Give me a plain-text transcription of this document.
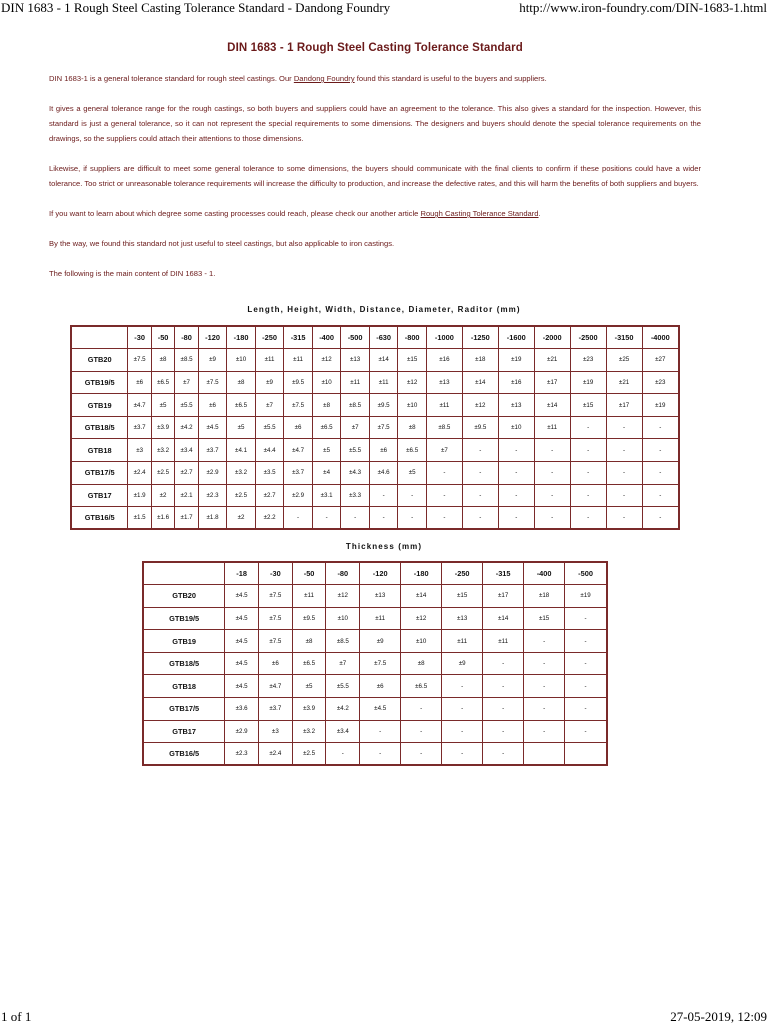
DIN 1683 - 1 Rough Steel Casting Tolerance Standard - Dandong Foundry	http://www.iron-foundry.com/DIN-1683-1.html
DIN 1683 - 1 Rough Steel Casting Tolerance Standard

DIN 1683-1 is a general tolerance standard for rough steel castings. Our Dandong Foundry found this standard is useful to the buyers and suppliers.

It gives a general tolerance range for the rough castings, so both buyers and suppliers could have an agreement to the tolerance. This also gives a standard for the inspection. However, this standard is just a general tolerance, so it can not represent the special requirements to some dimensions. The designers and buyers should denote the special tolerance requirements on the drawings, so the suppliers could attach their attentions to those dimensions.

Likewise, if suppliers are difficult to meet some general tolerance to some dimensions, the buyers should communicate with the final clients to confirm if these positions could have a wider tolerance. Too strict or unreasonable tolerance requirements will increase the difficulty to production, and increase the defective rates, and this will harm the benefits of both suppliers and buyers.

If you want to learn about which degree some casting processes could reach, please check our another article Rough Casting Tolerance Standard.

By the way, we found this standard not just useful to steel castings, but also applicable to iron castings.

The following is the main content of DIN 1683 - 1.

Length, Height, Width, Distance, Diameter, Raditor (mm)
	-30	-50	-80	-120	-180	-250	-315	-400	-500	-630	-800	-1000	-1250	-1600	-2000	-2500	-3150	-4000
GTB20	±7.5	±8	±8.5	±9	±10	±11	±11	±12	±13	±14	±15	±16	±18	±19	±21	±23	±25	±27
GTB19/5	±6	±6.5	±7	±7.5	±8	±9	±9.5	±10	±11	±11	±12	±13	±14	±16	±17	±19	±21	±23
GTB19	±4.7	±5	±5.5	±6	±6.5	±7	±7.5	±8	±8.5	±9.5	±10	±11	±12	±13	±14	±15	±17	±19
GTB18/5	±3.7	±3.9	±4.2	±4.5	±5	±5.5	±6	±6.5	±7	±7.5	±8	±8.5	±9.5	±10	±11	-	-	-
GTB18	±3	±3.2	±3.4	±3.7	±4.1	±4.4	±4.7	±5	±5.5	±6	±6.5	±7	-	-	-	-	-	-
GTB17/5	±2.4	±2.5	±2.7	±2.9	±3.2	±3.5	±3.7	±4	±4.3	±4.6	±5	-	-	-	-	-	-	-
GTB17	±1.9	±2	±2.1	±2.3	±2.5	±2.7	±2.9	±3.1	±3.3	-	-	-	-	-	-	-	-	-
GTB16/5	±1.5	±1.6	±1.7	±1.8	±2	±2.2	-	-	-	-	-	-	-	-	-	-	-	-
Thickness (mm)
	-18	-30	-50	-80	-120	-180	-250	-315	-400	-500
GTB20	±4.5	±7.5	±11	±12	±13	±14	±15	±17	±18	±19
GTB19/5	±4.5	±7.5	±9.5	±10	±11	±12	±13	±14	±15	-
GTB19	±4.5	±7.5	±8	±8.5	±9	±10	±11	±11	-	-
GTB18/5	±4.5	±6	±6.5	±7	±7.5	±8	±9	-	-	-
GTB18	±4.5	±4.7	±5	±5.5	±6	±6.5	-	-	-	-
GTB17/5	±3.6	±3.7	±3.9	±4.2	±4.5	-	-	-	-	-
GTB17	±2.9	±3	±3.2	±3.4	-	-	-	-	-	-
GTB16/5	±2.3	±2.4	±2.5	-	-	-	-	-		
1 of 1	27-05-2019, 12:09
